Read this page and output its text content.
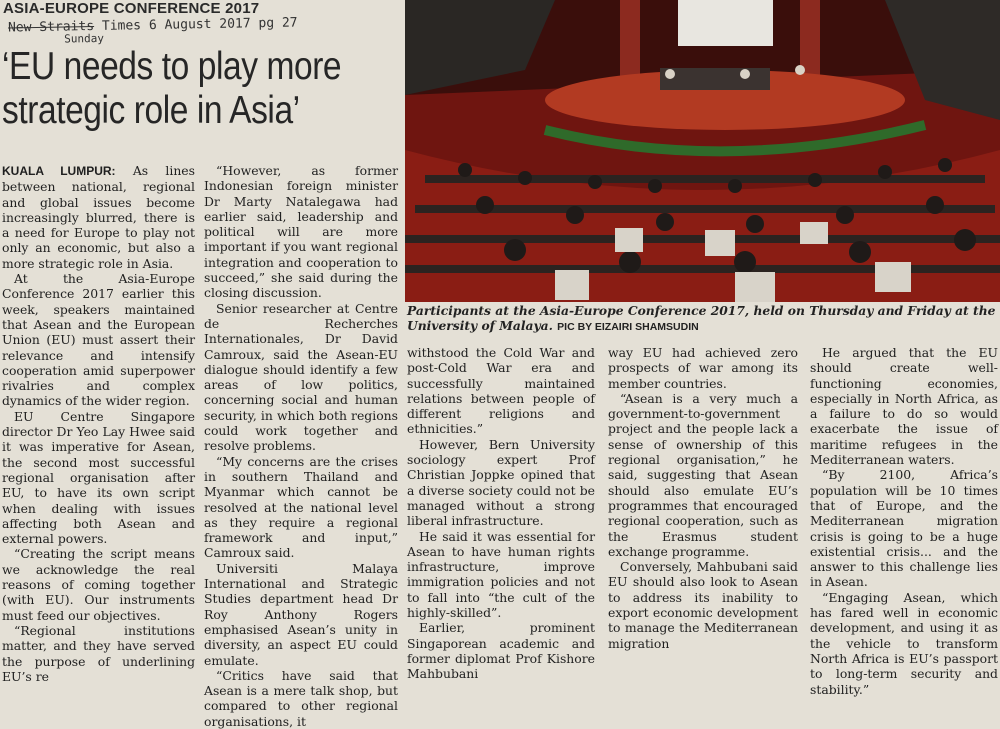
ASIA-EUROPE CONFERENCE 2017
New Straits Times 6 August 2017 pg 27
Sunday
‘EU needs to play more
strategic role in Asia’

KUALA LUMPUR: As lines between national, regional and global issues become increasingly blurred, there is a need for Europe to play not only an economic, but also a more strategic role in Asia.

At the Asia-Europe Conference 2017 earlier this week, speakers maintained that Asean and the European Union (EU) must assert their relevance and intensify cooperation amid superpower rivalries and complex dynamics of the wider region.

EU Centre Singapore director Dr Yeo Lay Hwee said it was imperative for Asean, the second most successful regional organisation after EU, to have its own script when dealing with issues affecting both Asean and external powers.

“Creating the script means we acknowledge the real reasons of coming together (with EU). Our instruments must feed our objectives.

“Regional institutions matter, and they have served the purpose of underlining EU’s re

“However, as former Indonesian foreign minister Dr Marty Natalegawa had earlier said, leadership and political will are more important if you want regional integration and cooperation to succeed,” she said during the closing discussion.

Senior researcher at Centre de Recherches Internationales, Dr David Camroux, said the Asean-EU dialogue should identify a few areas of low politics, concerning social and human security, in which both regions could work together and resolve problems.

“My concerns are the crises in southern Thailand and Myanmar which cannot be resolved at the national level as they require a regional framework and input,” Camroux said.

Universiti Malaya International and Strategic Studies department head Dr Roy Anthony Rogers emphasised Asean’s unity in diversity, an aspect EU could emulate.

“Critics have said that Asean is a mere talk shop, but compared to other regional organisations, it

Participants at the Asia-Europe Conference 2017, held on Thursday and Friday at the University of Malaya. PIC BY EIZAIRI SHAMSUDIN

withstood the Cold War and post-Cold War era and successfully maintained relations between people of different religions and ethnicities.”

However, Bern University sociology expert Prof Christian Joppke opined that a diverse society could not be managed without a strong liberal infrastructure.

He said it was essential for Asean to have human rights infrastructure, improve immigration policies and not to fall into “the cult of the highly-skilled”.

Earlier, prominent Singaporean academic and former diplomat Prof Kishore Mahbubani

way EU had achieved zero prospects of war among its member countries.

“Asean is a very much a government-to-government project and the people lack a sense of ownership of this regional organisation,” he said, suggesting that Asean should also emulate EU’s programmes that encouraged regional cooperation, such as the Erasmus student exchange programme.

Conversely, Mahbubani said EU should also look to Asean to address its inability to export economic development to manage the Mediterranean migration

He argued that the EU should create well-functioning economies, especially in North Africa, as a failure to do so would exacerbate the issue of maritime refugees in the Mediterranean waters.

“By 2100, Africa’s population will be 10 times that of Europe, and the Mediterranean migration crisis is going to be a huge existential crisis... and the answer to this challenge lies in Asean.

“Engaging Asean, which has fared well in economic development, and using it as the vehicle to transform North Africa is EU’s passport to long-term security and stability.”
